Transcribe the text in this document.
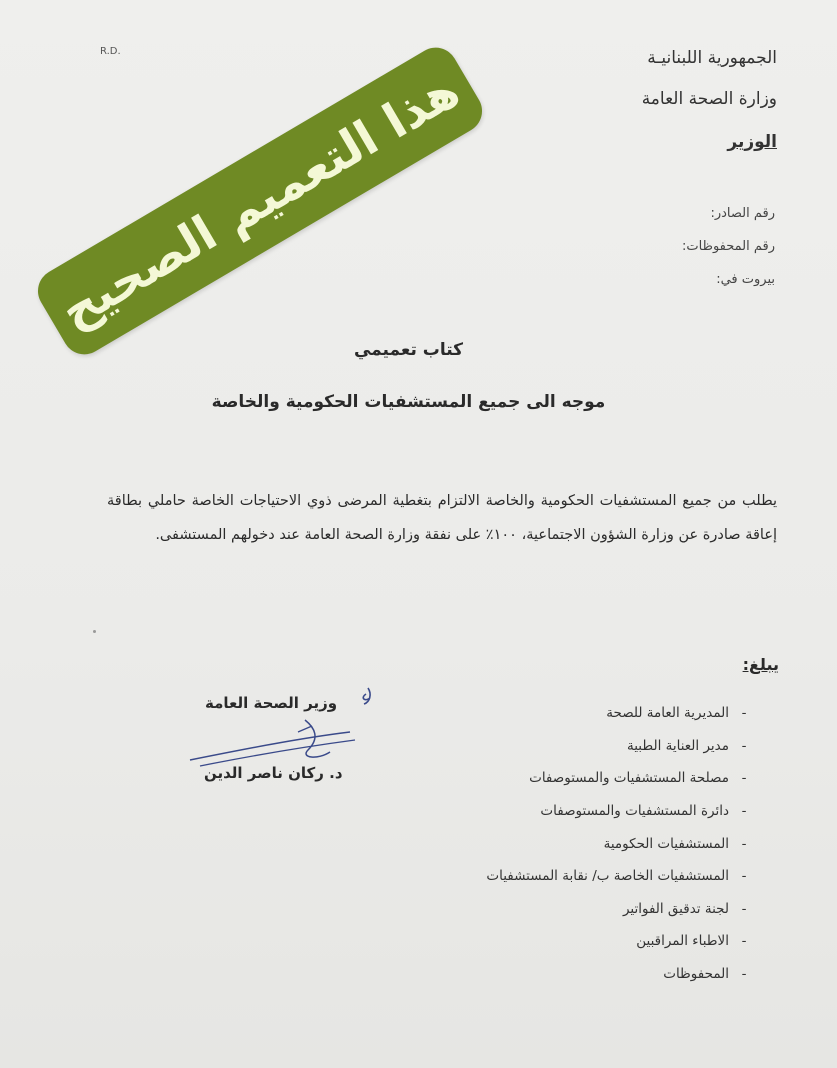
R.D.	الجمهورية اللبنانيـة
وزارة الصحة العامة
الوزير
رقم الصادر:
رقم المحفوظات:
بيروت في:
كتاب تعميمي
موجه الى جميع المستشفيات الحكومية والخاصة
يطلب من جميع المستشفيات الحكومية والخاصة الالتزام بتغطية المرضى ذوي الاحتياجات الخاصة حاملي بطاقة إعاقة صادرة عن وزارة الشؤون الاجتماعية، ١٠٠٪ على نفقة وزارة الصحة العامة عند دخولهم المستشفى.
يبلغ:
-
المديرية العامة للصحة
-
مدير العناية الطبية
-
مصلحة المستشفيات والمستوصفات
-
دائرة المستشفيات والمستوصفات
-
المستشفيات الحكومية
-
المستشفيات الخاصة ب/ نقابة المستشفيات
-
لجنة تدقيق الفواتير
-
الاطباء المراقبين
-
المحفوظات
وزير الصحة العامة
د. ركان ناصر الدين
هذا التعميم الصحيح
